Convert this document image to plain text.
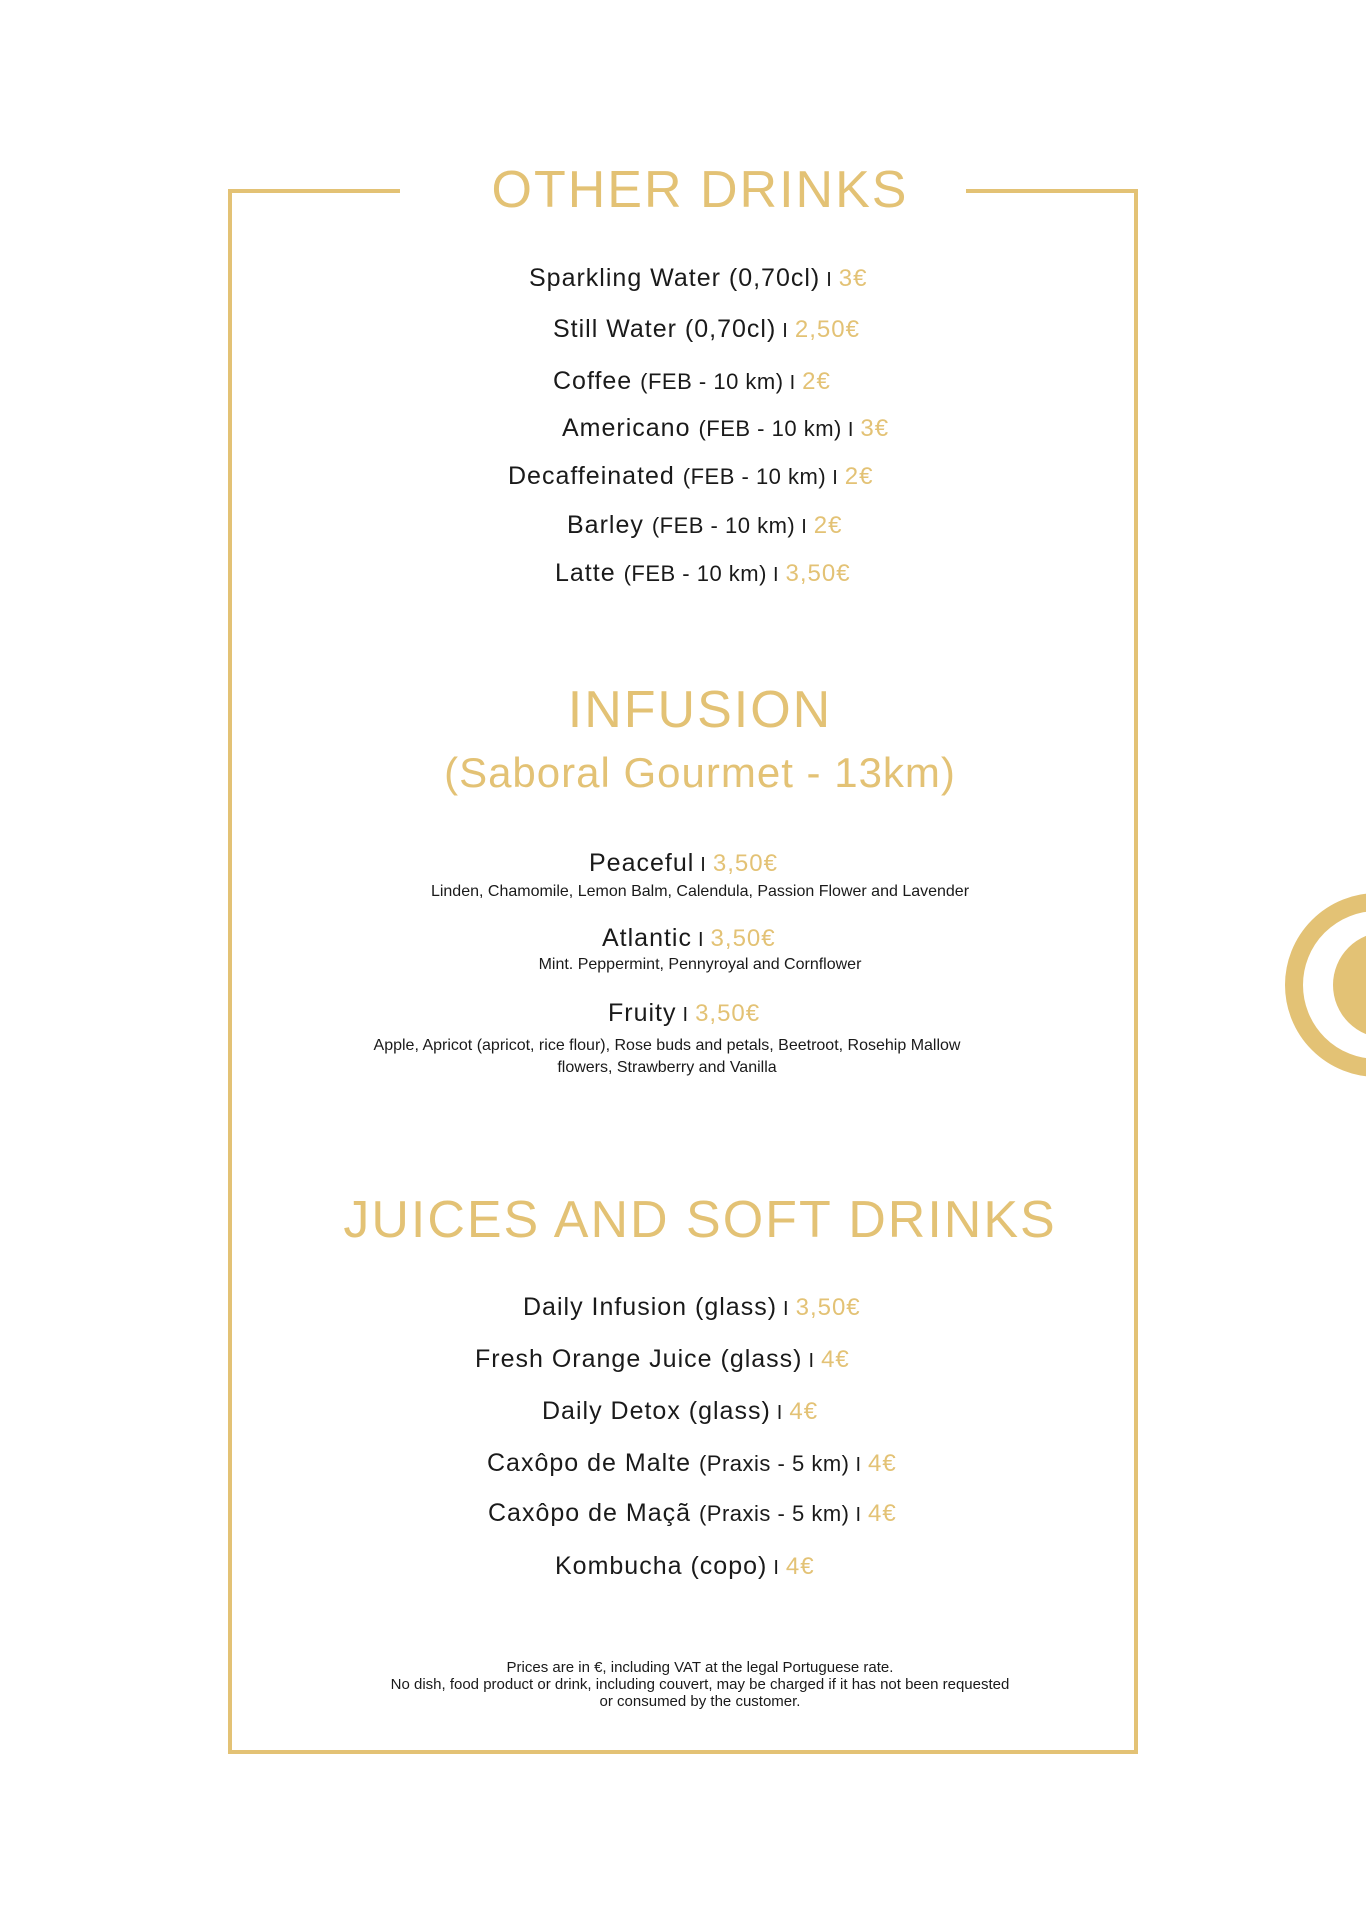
OTHER DRINKS
Sparkling Water (0,70cl) I 3€
Still Water (0,70cl) I 2,50€
Coffee (FEB - 10 km) I 2€
Americano (FEB - 10 km) I 3€
Decaffeinated (FEB - 10 km) I 2€
Barley (FEB - 10 km) I 2€
Latte (FEB - 10 km) I 3,50€
INFUSION
(Saboral Gourmet - 13km)
Peaceful I 3,50€
Linden, Chamomile, Lemon Balm, Calendula, Passion Flower and Lavender
Atlantic I 3,50€
Mint. Peppermint, Pennyroyal and Cornflower
Fruity I 3,50€
Apple, Apricot (apricot, rice flour), Rose buds and petals, Beetroot, Rosehip Mallow
flowers, Strawberry and Vanilla
JUICES AND SOFT DRINKS
Daily Infusion (glass) I 3,50€
Fresh Orange Juice (glass) I 4€
Daily Detox (glass) I 4€
Caxôpo de Malte (Praxis - 5 km) I 4€
Caxôpo de Maçã (Praxis - 5 km) I 4€
Kombucha (copo) I 4€
Prices are in €, including VAT at the legal Portuguese rate.
No dish, food product or drink, including couvert, may be charged if it has not been requested
or consumed by the customer.
